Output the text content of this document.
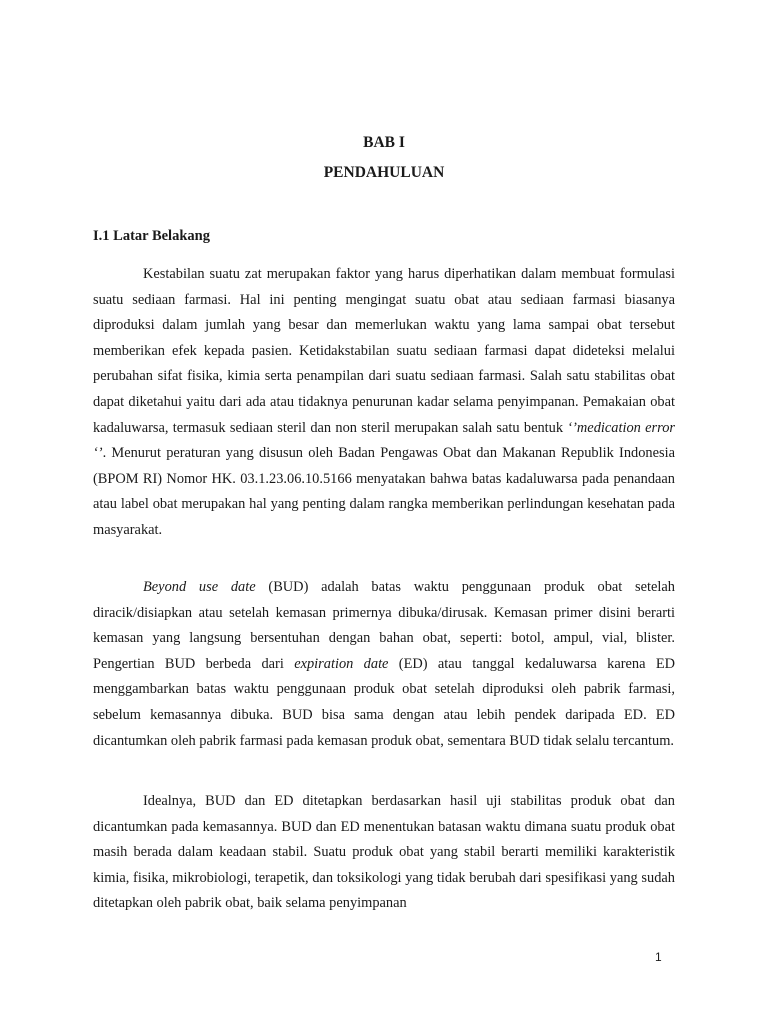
BAB I
PENDAHULUAN
I.1 Latar Belakang

Kestabilan suatu zat merupakan faktor yang harus diperhatikan dalam membuat formulasi suatu sediaan farmasi. Hal ini penting mengingat suatu obat atau sediaan farmasi biasanya diproduksi dalam jumlah yang besar dan memerlukan waktu yang lama sampai obat tersebut memberikan efek kepada pasien. Ketidakstabilan suatu sediaan farmasi dapat dideteksi melalui perubahan sifat fisika, kimia serta penampilan dari suatu sediaan farmasi. Salah satu stabilitas obat dapat diketahui yaitu dari ada atau tidaknya penurunan kadar selama penyimpanan. Pemakaian obat kadaluwarsa, termasuk sediaan steril dan non steril merupakan salah satu bentuk ‘’medication error ‘’. Menurut peraturan yang disusun oleh Badan Pengawas Obat dan Makanan Republik Indonesia (BPOM RI) Nomor HK. 03.1.23.06.10.5166 menyatakan bahwa batas kadaluwarsa pada penandaan atau label obat merupakan hal yang penting dalam rangka memberikan perlindungan kesehatan pada masyarakat.

Beyond use date (BUD) adalah batas waktu penggunaan produk obat setelah diracik/disiapkan atau setelah kemasan primernya dibuka/dirusak. Kemasan primer disini berarti kemasan yang langsung bersentuhan dengan bahan obat, seperti: botol, ampul, vial, blister. Pengertian BUD berbeda dari expiration date (ED) atau tanggal kedaluwarsa karena ED menggambarkan batas waktu penggunaan produk obat setelah diproduksi oleh pabrik farmasi, sebelum kemasannya dibuka. BUD bisa sama dengan atau lebih pendek daripada ED. ED dicantumkan oleh pabrik farmasi pada kemasan produk obat, sementara BUD tidak selalu tercantum.

Idealnya, BUD dan ED ditetapkan berdasarkan hasil uji stabilitas produk obat dan dicantumkan pada kemasannya. BUD dan ED menentukan batasan waktu dimana suatu produk obat masih berada dalam keadaan stabil. Suatu produk obat yang stabil berarti memiliki karakteristik kimia, fisika, mikrobiologi, terapetik, dan toksikologi yang tidak berubah dari spesifikasi yang sudah ditetapkan oleh pabrik obat, baik selama penyimpanan

1
